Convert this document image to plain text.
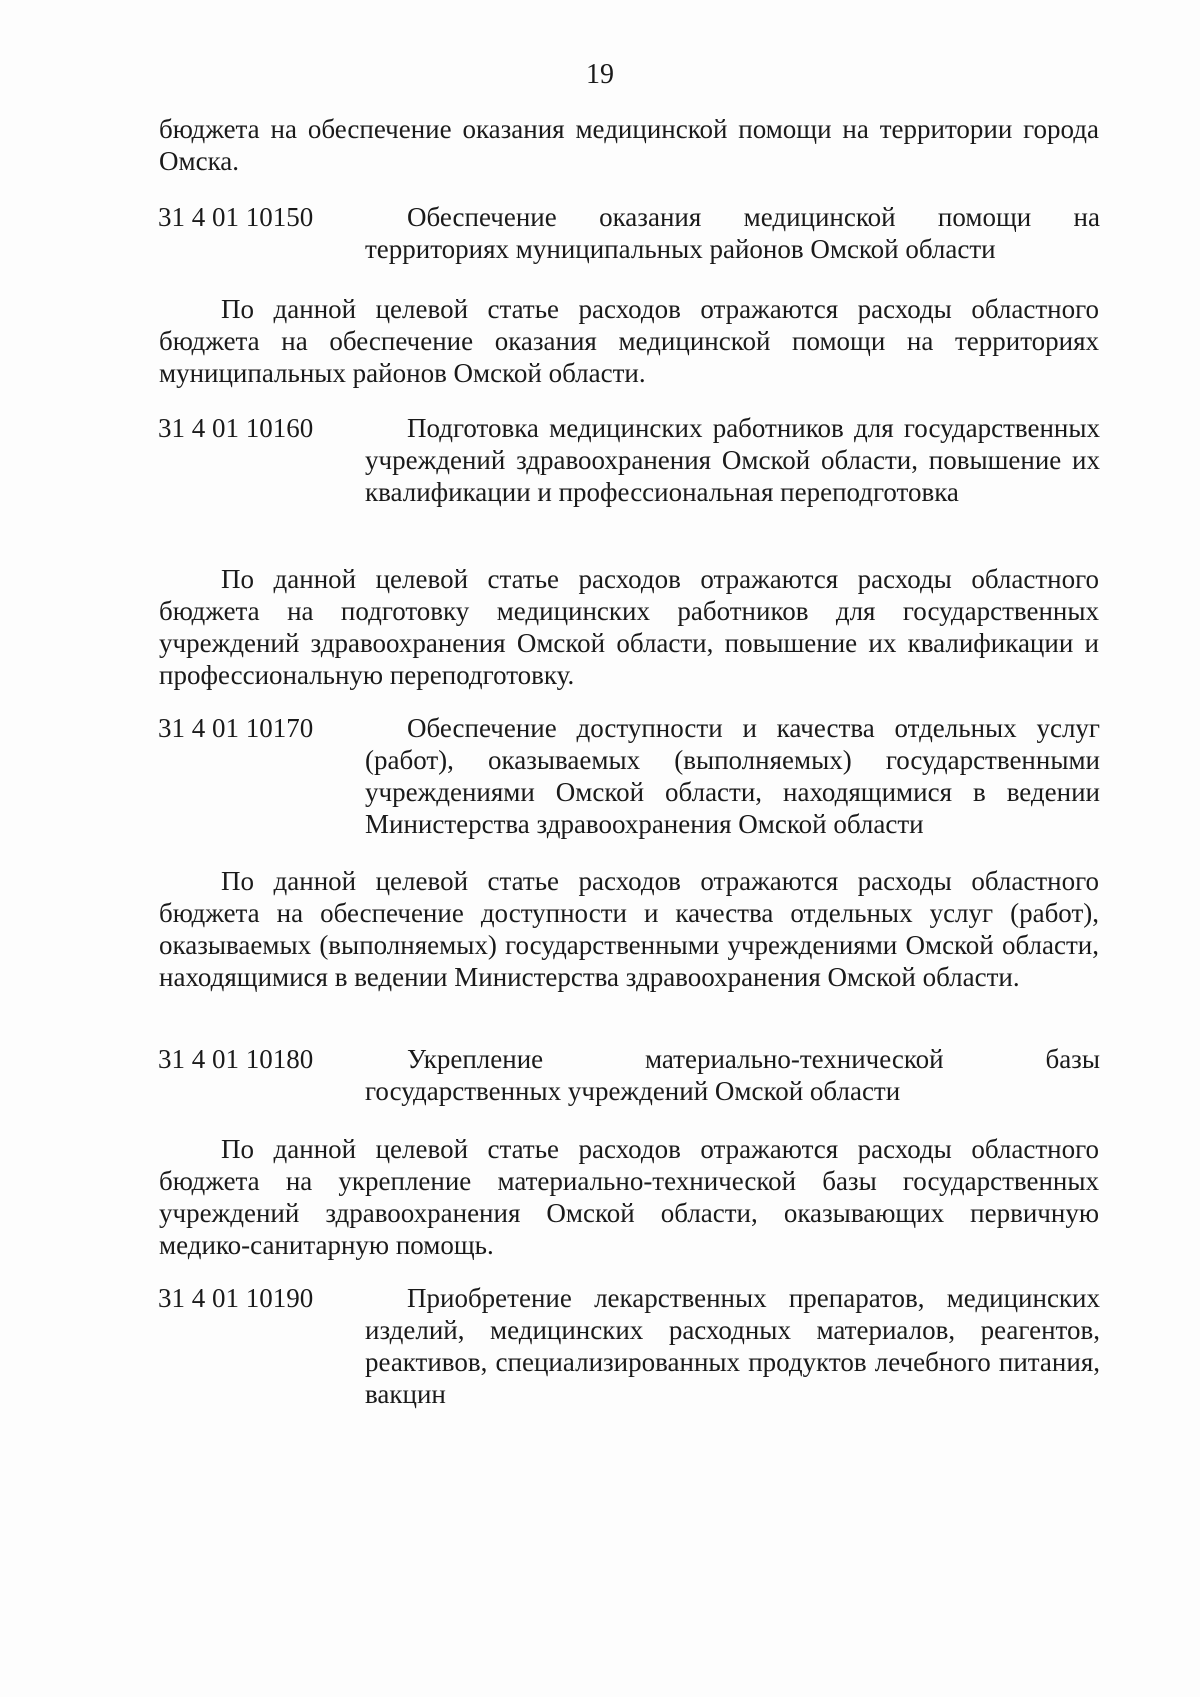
19
бюджета на обеспечение оказания медицинской помощи на территории города Омска.
31 4 01 10150	Обеспечение оказания медицинской помощи на территориях муниципальных районов Омской области
По данной целевой статье расходов отражаются расходы областного бюджета на обеспечение оказания медицинской помощи на территориях муниципальных районов Омской области.
31 4 01 10160	Подготовка медицинских работников для государственных учреждений здравоохранения Омской области, повышение их квалификации и профессиональная переподготовка
По данной целевой статье расходов отражаются расходы областного бюджета на подготовку медицинских работников для государственных учреждений здравоохранения Омской области, повышение их квалификации и профессиональную переподготовку.
31 4 01 10170	Обеспечение доступности и качества отдельных услуг (работ), оказываемых (выполняемых) государственными учреждениями Омской области, находящимися в ведении Министерства здравоохранения Омской области
По данной целевой статье расходов отражаются расходы областного бюджета на обеспечение доступности и качества отдельных услуг (работ), оказываемых (выполняемых) государственными учреждениями Омской области, находящимися в ведении Министерства здравоохранения Омской области.
31 4 01 10180	Укрепление материально-технической базы государственных учреждений Омской области
По данной целевой статье расходов отражаются расходы областного бюджета на укрепление материально-технической базы государственных учреждений здравоохранения Омской области, оказывающих первичную медико-санитарную помощь.
31 4 01 10190	Приобретение лекарственных препаратов, медицинских изделий, медицинских расходных материалов, реагентов, реактивов, специализированных продуктов лечебного питания, вакцин
